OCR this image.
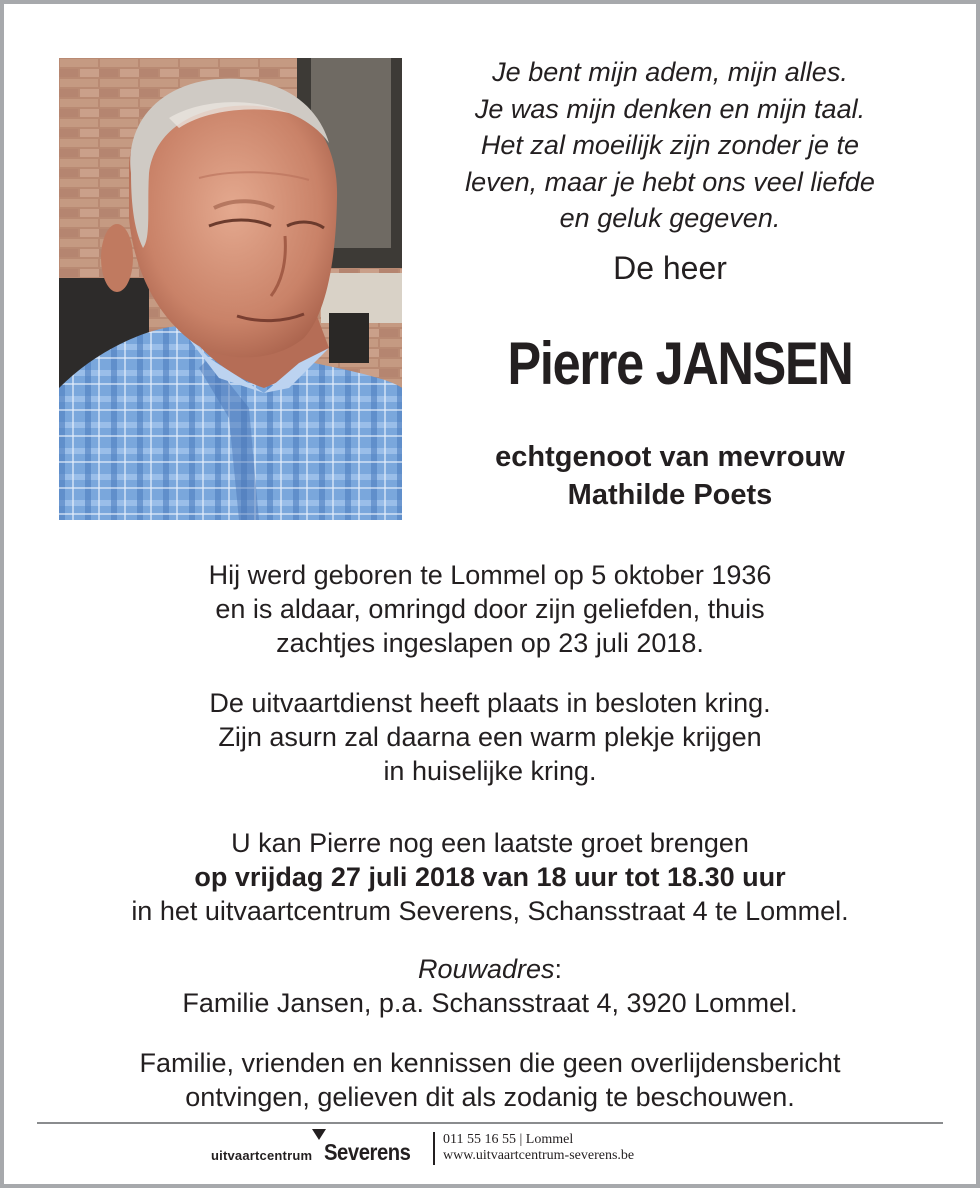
Je bent mijn adem, mijn alles.
Je was mijn denken en mijn taal.
Het zal moeilijk zijn zonder je te
leven, maar je hebt ons veel liefde
en geluk gegeven.
De heer
Pierre JANSEN
echtgenoot van mevrouw
Mathilde Poets
Hij werd geboren te Lommel op 5 oktober 1936
en is aldaar, omringd door zijn geliefden, thuis
zachtjes ingeslapen op 23 juli 2018.
De uitvaartdienst heeft plaats in besloten kring.
Zijn asurn zal daarna een warm plekje krijgen
in huiselijke kring.
U kan Pierre nog een laatste groet brengen
op vrijdag 27 juli 2018 van 18 uur tot 18.30 uur
in het uitvaartcentrum Severens, Schansstraat 4 te Lommel.
Rouwadres:
Familie Jansen, p.a. Schansstraat 4, 3920 Lommel.
Familie, vrienden en kennissen die geen overlijdensbericht
ontvingen, gelieven dit als zodanig te beschouwen.
uitvaartcentrum Severens 011 55 16 55 | Lommel
www.uitvaartcentrum-severens.be
